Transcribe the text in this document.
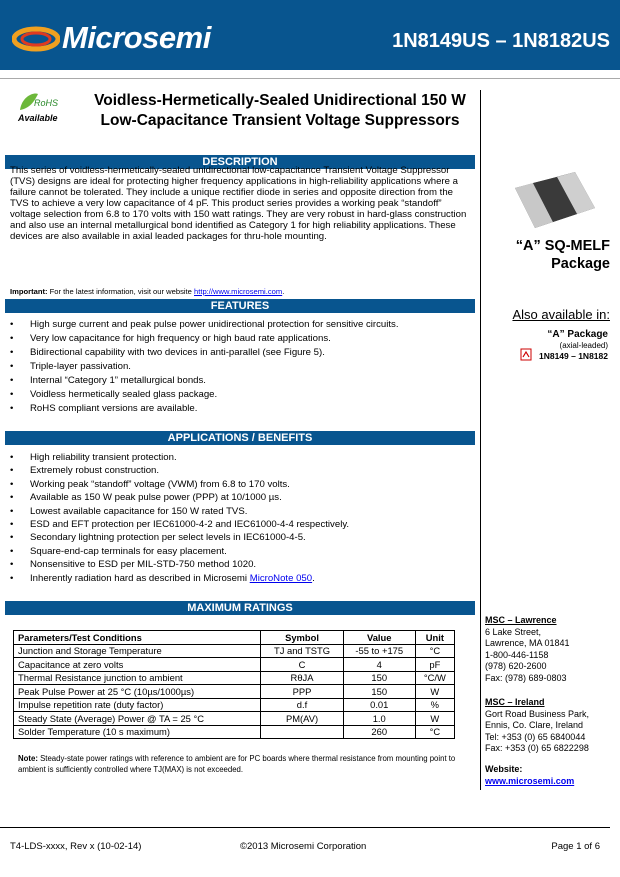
Microsemi	1N8149US – 1N8182US
RoHS
Available
Voidless-Hermetically-Sealed Unidirectional 150 W
Low-Capacitance Transient Voltage Suppressors
DESCRIPTION
This series of voidless-hermetically-sealed unidirectional low-capacitance Transient Voltage Suppressor (TVS) designs are ideal for protecting higher frequency applications in high-reliability applications where a failure cannot be tolerated. They include a unique rectifier diode in series and opposite direction from the TVS to achieve a very low capacitance of 4 pF. This product series provides a working peak “standoff” voltage selection from 6.8 to 170 volts with 150 watt ratings. They are very robust in hard-glass construction and also use an internal metallurgical bond identified as Category 1 for high reliability applications. These devices are also available in axial leaded packages for thru-hole mounting.
Important: For the latest information, visit our website http://www.microsemi.com.
FEATURES
• High surge current and peak pulse power unidirectional protection for sensitive circuits.
• Very low capacitance for high frequency or high baud rate applications.
• Bidirectional capability with two devices in anti-parallel (see Figure 5).
• Triple-layer passivation.
• Internal “Category 1” metallurgical bonds.
• Voidless hermetically sealed glass package.
• RoHS compliant versions are available.
APPLICATIONS / BENEFITS
• High reliability transient protection.
• Extremely robust construction.
• Working peak “standoff” voltage (VWM) from 6.8 to 170 volts.
• Available as 150 W peak pulse power (PPP) at 10/1000 µs.
• Lowest available capacitance for 150 W rated TVS.
• ESD and EFT protection per IEC61000-4-2 and IEC61000-4-4 respectively.
• Secondary lightning protection per select levels in IEC61000-4-5.
• Square-end-cap terminals for easy placement.
• Nonsensitive to ESD per MIL-STD-750 method 1020.
• Inherently radiation hard as described in Microsemi MicroNote 050.
MAXIMUM RATINGS
Parameters/Test Conditions	Symbol	Value	Unit
Junction and Storage Temperature	TJ and TSTG	-55 to +175	°C
Capacitance at zero volts	C	4	pF
Thermal Resistance junction to ambient	RθJA	150	°C/W
Peak Pulse Power at 25 °C (10µs/1000µs)	PPP	150	W
Impulse repetition rate (duty factor)	d.f	0.01	%
Steady State (Average) Power @ TA = 25 °C	PM(AV)	1.0	W
Solder Temperature (10 s maximum)		260	°C
Note: Steady-state power ratings with reference to ambient are for PC boards where thermal resistance from mounting point to ambient is sufficiently controlled where TJ(MAX) is not exceeded.
“A” SQ-MELF
Package
Also available in:
“A” Package
(axial-leaded)
1N8149 – 1N8182
MSC – Lawrence
6 Lake Street,
Lawrence, MA 01841
1-800-446-1158
(978) 620-2600
Fax: (978) 689-0803
MSC – Ireland
Gort Road Business Park,
Ennis, Co. Clare, Ireland
Tel: +353 (0) 65 6840044
Fax: +353 (0) 65 6822298
Website:
www.microsemi.com
T4-LDS-xxxx, Rev x (10-02-14)	©2013 Microsemi Corporation	Page 1 of 6
